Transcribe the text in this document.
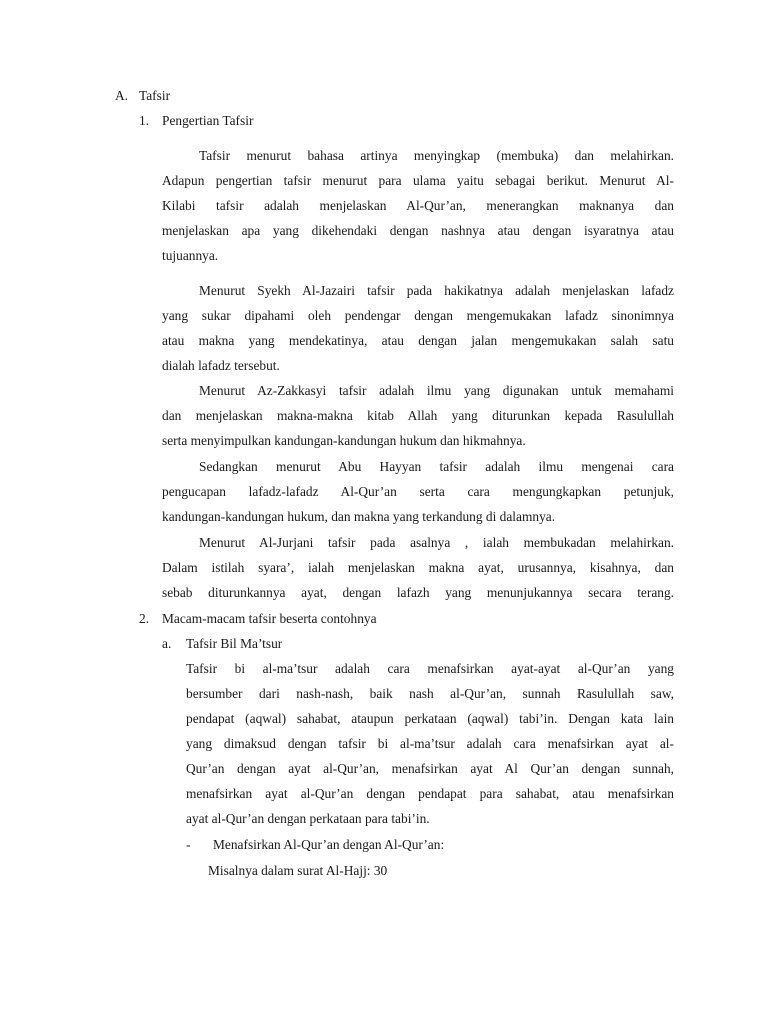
A. Tafsir
1. Pengertian Tafsir
Tafsir menurut bahasa artinya menyingkap (membuka) dan melahirkan.
Adapun pengertian tafsir menurut para ulama yaitu sebagai berikut. Menurut Al-
Kilabi tafsir adalah menjelaskan Al-Qur’an, menerangkan maknanya dan
menjelaskan apa yang dikehendaki dengan nashnya atau dengan isyaratnya atau
tujuannya.
Menurut Syekh Al-Jazairi tafsir pada hakikatnya adalah menjelaskan lafadz
yang sukar dipahami oleh pendengar dengan mengemukakan lafadz sinonimnya
atau makna yang mendekatinya, atau dengan jalan mengemukakan salah satu
dialah lafadz tersebut.
Menurut Az-Zakkasyi tafsir adalah ilmu yang digunakan untuk memahami
dan menjelaskan makna-makna kitab Allah yang diturunkan kepada Rasulullah
serta menyimpulkan kandungan-kandungan hukum dan hikmahnya.
Sedangkan menurut Abu Hayyan tafsir adalah ilmu mengenai cara
pengucapan lafadz-lafadz Al-Qur’an serta cara mengungkapkan petunjuk,
kandungan-kandungan hukum, dan makna yang terkandung di dalamnya.
Menurut Al-Jurjani tafsir pada asalnya , ialah membukadan melahirkan.
Dalam istilah syara’, ialah menjelaskan makna ayat, urusannya, kisahnya, dan
sebab diturunkannya ayat, dengan lafazh yang menunjukannya secara terang.
2. Macam-macam tafsir beserta contohnya
a. Tafsir Bil Ma’tsur
Tafsir bi al-ma’tsur adalah cara menafsirkan ayat-ayat al-Qur’an yang
bersumber dari nash-nash, baik nash al-Qur’an, sunnah Rasulullah saw,
pendapat (aqwal) sahabat, ataupun perkataan (aqwal) tabi’in. Dengan kata lain
yang dimaksud dengan tafsir bi al-ma’tsur adalah cara menafsirkan ayat al-
Qur’an dengan ayat al-Qur’an, menafsirkan ayat Al Qur’an dengan sunnah,
menafsirkan ayat al-Qur’an dengan pendapat para sahabat, atau menafsirkan
ayat al-Qur’an dengan perkataan para tabi’in.
- Menafsirkan Al-Qur’an dengan Al-Qur’an:
Misalnya dalam surat Al-Hajj: 30
